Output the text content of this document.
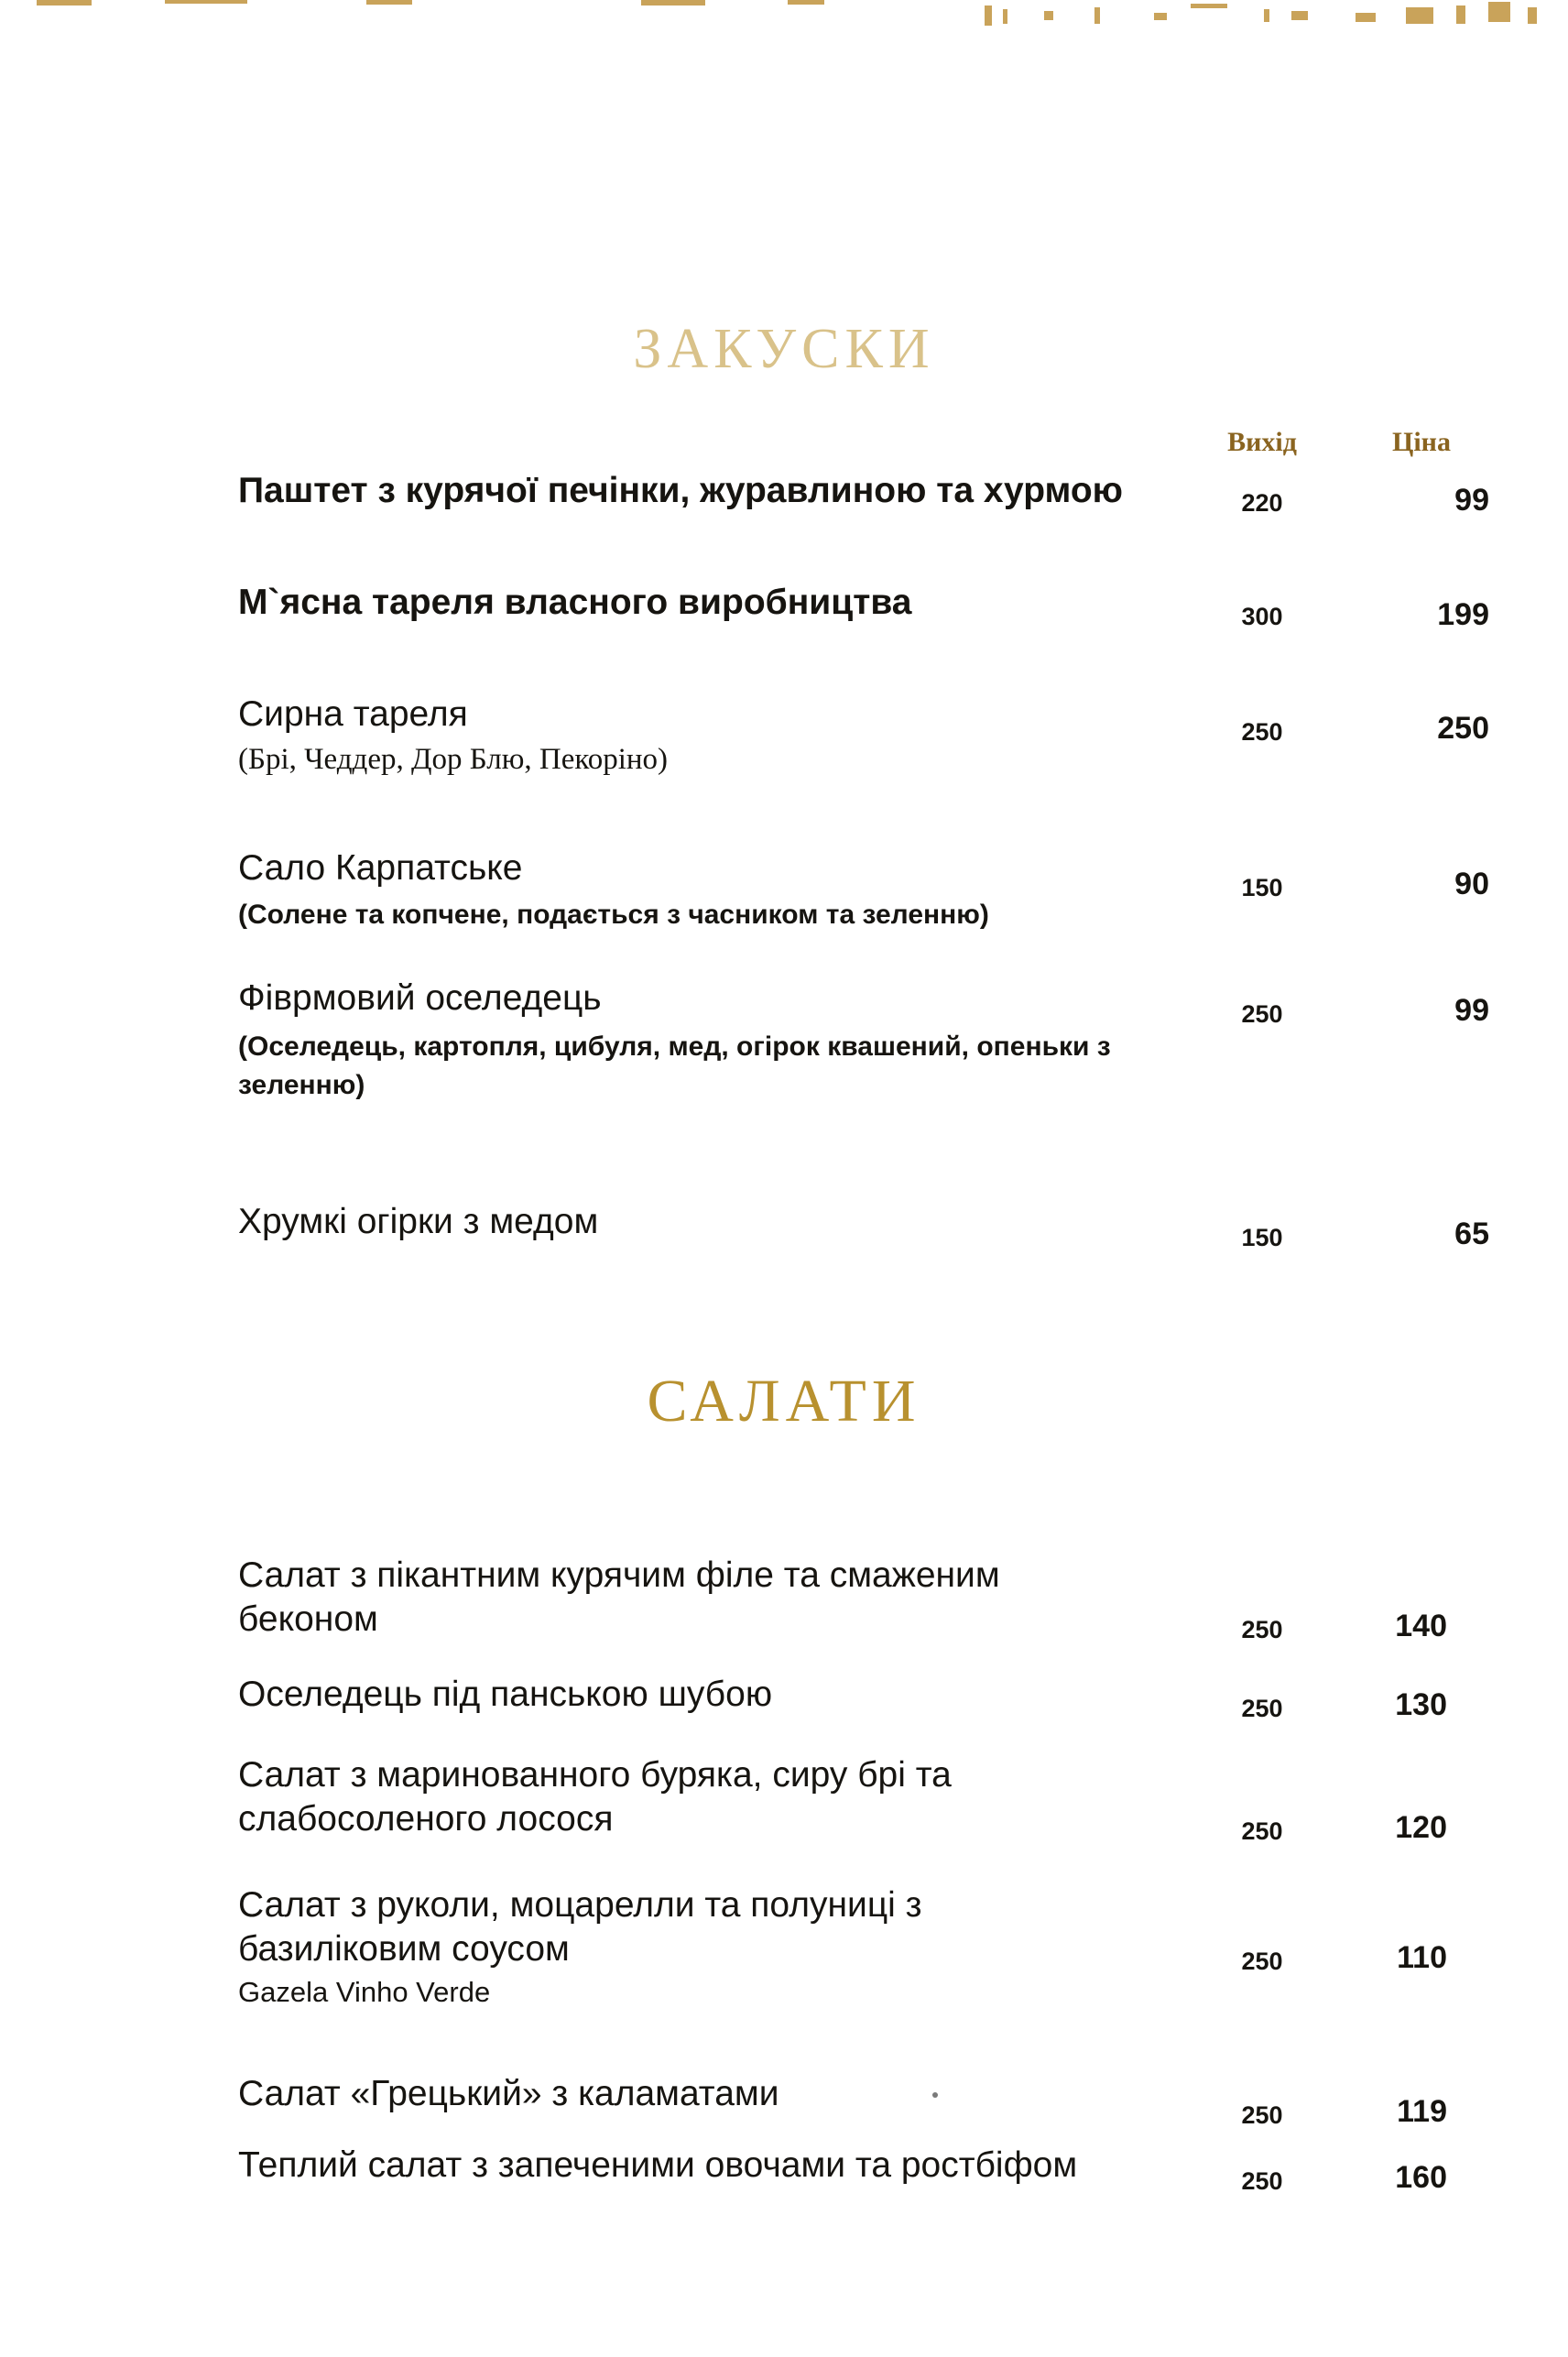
ЗАКУСКИ
Вихід	Ціна
Паштет з курячої печінки, журавлиною та хурмою	220	99
М`ясна тареля власного виробництва	300	199
Сирна тареля
(Брі, Чеддер, Дор Блю, Пекоріно)
250	250
Сало Карпатське
(Солене та копчене, подається з часником та зеленню)
150	90
Фіврмовий оселедець
(Оселедець, картопля, цибуля, мед, огірок квашений, опеньки з зеленню)
250	99
Хрумкі огірки з медом	150	65
САЛАТИ
Салат з пікантним курячим філе та смаженим беконом	250	140
Оселедець під панською шубою	250	130
Салат з маринованного буряка, сиру брі та слабосоленого лосося	250	120
Салат з руколи, моцарелли та полуниці з базиліковим соусом
Gazela Vinho Verde
250	110
Салат «Грецький» з каламатами
250	119
Теплий салат з запеченими овочами та ростбіфом	250	160
